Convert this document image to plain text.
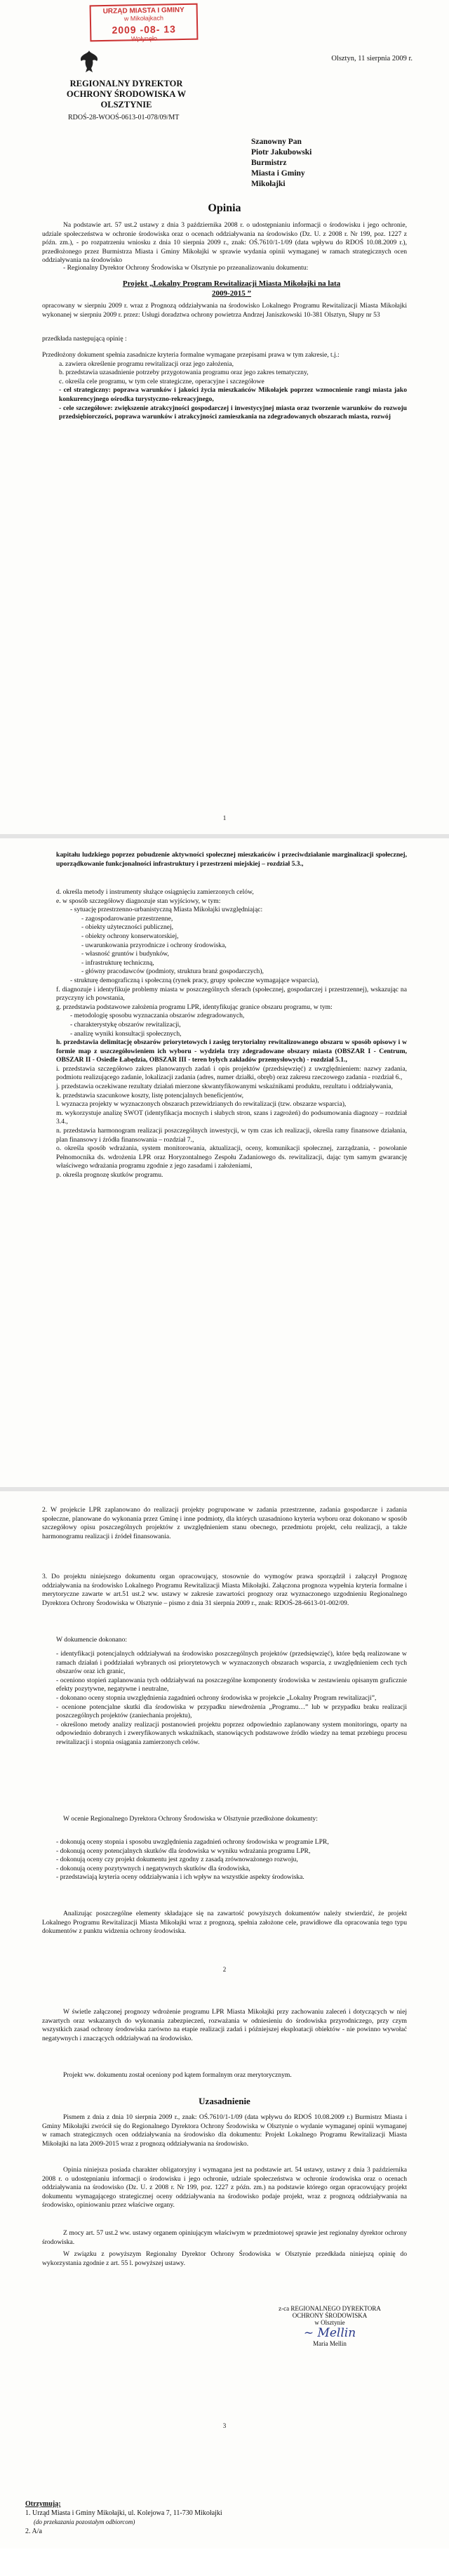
URZĄD MIASTA I GMINY
w Mikołajkach
2009 -08- 13
Wpłynęło
REGIONALNY DYREKTOR OCHRONY ŚRODOWISKA W OLSZTYNIE
Olsztyn, 11 sierpnia 2009 r.
RDOŚ-28-WOOŚ-0613-01-078/09/MT
Szanowny Pan
Piotr Jakubowski
Burmistrz
Miasta i Gminy
Mikołajki
Opinia
Na podstawie art. 57 ust.2 ustawy z dnia 3 października 2008 r. o udostępnianiu informacji o środowisku i jego ochronie, udziale społeczeństwa w ochronie środowiska oraz o ocenach oddziaływania na środowisko (Dz. U. z 2008 r. Nr 199, poz. 1227 z późn. zm.), - po rozpatrzeniu wniosku z dnia 10 sierpnia 2009 r., znak: OŚ.7610/1-1/09 (data wpływu do RDOŚ 10.08.2009 r.), przedłożonego przez Burmistrza Miasta i Gminy Mikołajki w sprawie wydania opinii wymaganej w ramach strategicznych ocen oddziaływania na środowisko
- Regionalny Dyrektor Ochrony Środowiska w Olsztynie po przeanalizowaniu dokumentu:
Projekt „Lokalny Program Rewitalizacji Miasta Mikołajki na lata 2009-2015 ”
opracowany w sierpniu 2009 r. wraz z Prognozą oddziaływania na środowisko Lokalnego Programu Rewitalizacji Miasta Mikołajki wykonanej w sierpniu 2009 r. przez: Usługi doradztwa ochrony powietrza Andrzej Janiszkowski 10-381 Olsztyn, Słupy nr 53
przedkłada następującą opinię :

Przedłożony dokument spełnia zasadnicze kryteria formalne wymagane przepisami prawa w tym zakresie, t.j.:

a. zawiera określenie programu rewitalizacji oraz jego założenia,

b. przedstawia uzasadnienie potrzeby przygotowania programu oraz jego zakres tematyczny,

c. określa cele programu, w tym cele strategiczne, operacyjne i szczegółowe

- cel strategiczny: poprawa warunków i jakości życia mieszkańców Mikołajek poprzez wzmocnienie rangi miasta jako konkurencyjnego ośrodka turystyczno-rekreacyjnego,

- cele szczegółowe: zwiększenie atrakcyjności gospodarczej i inwestycyjnej miasta oraz tworzenie warunków do rozwoju przedsiębiorczości, poprawa warunków i atrakcyjności zamieszkania na zdegradowanych obszarach miasta, rozwój

1
kapitału ludzkiego poprzez pobudzenie aktywności społecznej mieszkańców i przeciwdziałanie marginalizacji społecznej, uporządkowanie funkcjonalności infrastruktury i przestrzeni miejskiej – rozdział 5.3.,

d. określa metody i instrumenty służące osiągnięciu zamierzonych celów,

e. w sposób szczegółowy diagnozuje stan wyjściowy, w tym:

- sytuację przestrzenno-urbanistyczną Miasta Mikołajki uwzględniając:

- zagospodarowanie przestrzenne,

- obiekty użyteczności publicznej,

- obiekty ochrony konserwatorskiej,

- uwarunkowania przyrodnicze i ochrony środowiska,

- własność gruntów i budynków,

- infrastrukturę techniczną,

- główny pracodawców (podmioty, struktura branż gospodarczych),

- strukturę demograficzną i społeczną (rynek pracy, grupy społeczne wymagające wsparcia),

f. diagnozuje i identyfikuje problemy miasta w poszczególnych sferach (społecznej, gospodarczej i przestrzennej), wskazując na przyczyny ich powstania,

g. przedstawia podstawowe założenia programu LPR, identyfikując granice obszaru programu, w tym:

- metodologię sposobu wyznaczania obszarów zdegradowanych,

- charakterystykę obszarów rewitalizacji,

- analizę wyniki konsultacji społecznych,

h. przedstawia delimitację obszarów priorytetowych i zasięg terytorialny rewitalizowanego obszaru w sposób opisowy i w formie map z uszczegółowieniem ich wyboru - wydziela trzy zdegradowane obszary miasta (OBSZAR I - Centrum, OBSZAR II - Osiedle Łabędzia, OBSZAR III - teren byłych zakładów przemysłowych) - rozdział 5.1.,

i. przedstawia szczegółowo zakres planowanych zadań i opis projektów (przedsięwzięć) z uwzględnieniem: nazwy zadania, podmiotu realizującego zadanie, lokalizacji zadania (adres, numer działki, obręb) oraz zakresu rzeczowego zadania - rozdział 6.,

j. przedstawia oczekiwane rezultaty działań mierzone skwantyfikowanymi wskaźnikami produktu, rezultatu i oddziaływania,

k. przedstawia szacunkowe koszty, listę potencjalnych beneficjentów,

l. wyznacza projekty w wyznaczonych obszarach przewidzianych do rewitalizacji (tzw. obszarze wsparcia),

m. wykorzystuje analizę SWOT (identyfikacja mocnych i słabych stron, szans i zagrożeń) do podsumowania diagnozy – rozdział 3.4.,

n. przedstawia harmonogram realizacji poszczególnych inwestycji, w tym czas ich realizacji, określa ramy finansowe działania, plan finansowy i źródła finansowania – rozdział 7.,

o. określa sposób wdrażania, system monitorowania, aktualizacji, oceny, komunikacji społecznej, zarządzania, - powołanie Pełnomocnika ds. wdrożenia LPR oraz Horyzontalnego Zespołu Zadaniowego ds. rewitalizacji, dając tym samym gwarancję właściwego wdrażania programu zgodnie z jego zasadami i założeniami,

p. określa prognozę skutków programu.

2. W projekcie LPR zaplanowano do realizacji projekty pogrupowane w zadania przestrzenne, zadania gospodarcze i zadania społeczne, planowane do wykonania przez Gminę i inne podmioty, dla których uzasadniono kryteria wyboru oraz dokonano w sposób szczegółowy opisu poszczególnych projektów z uwzględnieniem stanu obecnego, przedmiotu projekt, celu realizacji, a także harmonogramu realizacji i źródeł finansowania.
3. Do projektu niniejszego dokumentu organ opracowujący, stosownie do wymogów prawa sporządził i załączył Prognozę oddziaływania na środowisko Lokalnego Programu Rewitalizacji Miasta Mikołajki. Załączona prognoza wypełnia kryteria formalne i merytoryczne zawarte w art.51 ust.2 ww. ustawy w zakresie zawartości prognozy oraz wyznaczonego uzgodnieniu Regionalnego Dyrektora Ochrony Środowiska w Olsztynie – pismo z dnia 31 sierpnia 2009 r., znak: RDOŚ-28-6613-01-002/09.
W dokumencie dokonano:

- identyfikacji potencjalnych oddziaływań na środowisko poszczególnych projektów (przedsięwzięć), które będą realizowane w ramach działań i poddziałań wybranych osi priorytetowych w wyznaczonych obszarach wsparcia, z uwzględnieniem cech tych obszarów oraz ich granic,

- oceniono stopień zaplanowania tych oddziaływań na poszczególne komponenty środowiska w zestawieniu opisanym graficznie efekty pozytywne, negatywne i neutralne,

- dokonano oceny stopnia uwzględnienia zagadnień ochrony środowiska w projekcie „Lokalny Program rewitalizacji”,

- ocenione potencjalne skutki dla środowiska w przypadku niewdrożenia „Programu…” lub w przypadku braku realizacji poszczególnych projektów (zaniechania projektu),

- określono metody analizy realizacji postanowień projektu poprzez odpowiednio zaplanowany system monitoringu, oparty na odpowiednio dobranych i zweryfikowanych wskaźnikach, stanowiących podstawowe źródło wiedzy na temat przebiegu procesu rewitalizacji i stopnia osiągania zamierzonych celów.

W ocenie Regionalnego Dyrektora Ochrony Środowiska w Olsztynie przedłożone dokumenty:

- dokonują oceny stopnia i sposobu uwzględnienia zagadnień ochrony środowiska w programie LPR,

- dokonują oceny potencjalnych skutków dla środowiska w wyniku wdrażania programu LPR,

- dokonują oceny czy projekt dokumentu jest zgodny z zasadą zrównoważonego rozwoju,

- dokonują oceny pozytywnych i negatywnych skutków dla środowiska,

- przedstawiają kryteria oceny oddziaływania i ich wpływ na wszystkie aspekty środowiska.

Analizując poszczególne elementy składające się na zawartość powyższych dokumentów należy stwierdzić, że projekt Lokalnego Programu Rewitalizacji Miasta Mikołajki wraz z prognozą, spełnia założone cele, prawidłowe dla opracowania tego typu dokumentów z punktu widzenia ochrony środowiska.
2
W świetle załączonej prognozy wdrożenie programu LPR Miasta Mikołajki przy zachowaniu zaleceń i dotyczących w niej zawartych oraz wskazanych do wykonania zabezpieczeń, rozważania w odniesieniu do środowiska przyrodniczego, przy czym wszystkich zasad ochrony środowiska zarówno na etapie realizacji zadań i późniejszej eksploatacji obiektów - nie powinno wywołać negatywnych i znaczących oddziaływań na środowisko.
Projekt ww. dokumentu został oceniony pod kątem formalnym oraz merytorycznym.
Uzasadnienie
Pismem z dnia z dnia 10 sierpnia 2009 r., znak: OŚ.7610/1-1/09 (data wpływu do RDOŚ 10.08.2009 r.) Burmistrz Miasta i Gminy Mikołajki zwrócił się do Regionalnego Dyrektora Ochrony Środowiska w Olsztynie o wydanie wymaganej opinii wymaganej w ramach strategicznych ocen oddziaływania na środowisko dla dokumentu: Projekt Lokalnego Programu Rewitalizacji Miasta Mikołajki na lata 2009-2015 wraz z prognozą oddziaływania na środowisko.
Opinia niniejsza posiada charakter obligatoryjny i wymagana jest na podstawie art. 54 ustawy, ustawy z dnia 3 października 2008 r. o udostępnianiu informacji o środowisku i jego ochronie, udziale społeczeństwa w ochronie środowiska oraz o ocenach oddziaływania na środowisko (Dz. U. z 2008 r. Nr 199, poz. 1227 z późn. zm.) na podstawie którego organ opracowujący projekt dokumentu wymagającego strategicznej oceny oddziaływania na środowisko podaje projekt, wraz z prognozą oddziaływania na środowisko, opiniowaniu przez właściwe organy.
Z mocy art. 57 ust.2 ww. ustawy organem opiniującym właściwym w przedmiotowej sprawie jest regionalny dyrektor ochrony środowiska.
W związku z powyższym Regionalny Dyrektor Ochrony Środowiska w Olsztynie przedkłada niniejszą opinię do wykorzystania zgodnie z art. 55 l. powyższej ustawy.
z-ca REGIONALNEGO DYREKTORA
OCHRONY ŚRODOWISKA
w Olsztynie
~ Mellin
Maria Mellin
3
Otrzymują:
1. Urząd Miasta i Gminy Mikołajki, ul. Kolejowa 7, 11-730 Mikołajki
(do przekazania pozostałym odbiorcom)
2. A/a
